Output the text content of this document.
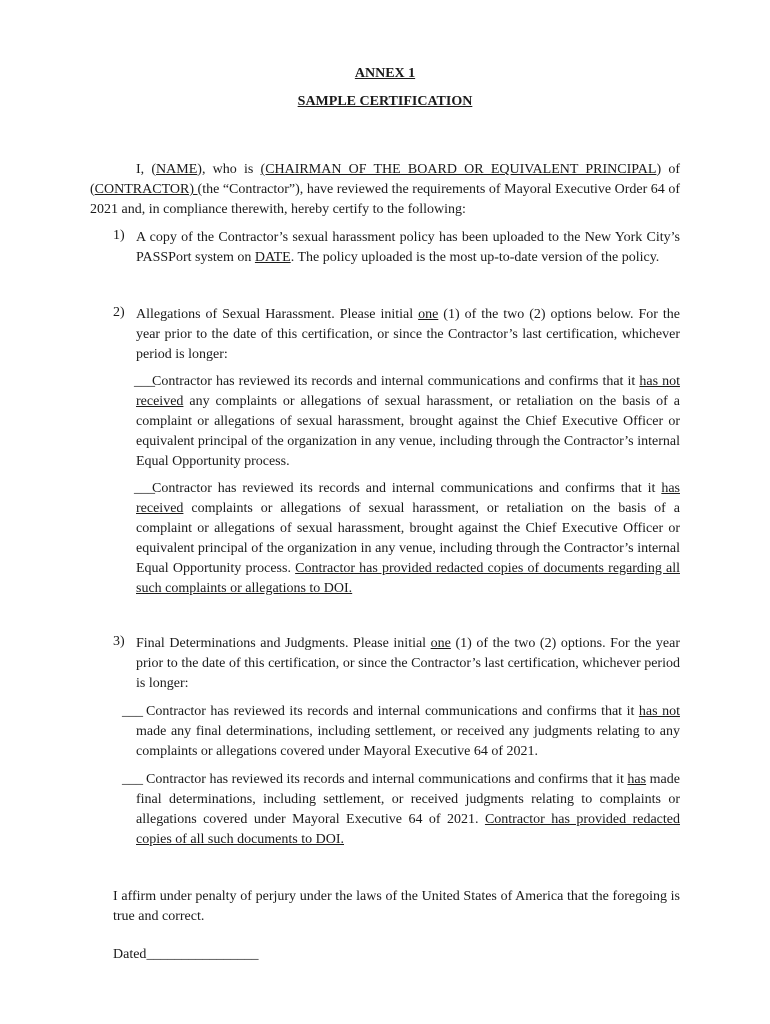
ANNEX 1
SAMPLE CERTIFICATION

I, (NAME), who is (CHAIRMAN OF THE BOARD OR EQUIVALENT PRINCIPAL) of (CONTRACTOR) (the “Contractor”), have reviewed the requirements of Mayoral Executive Order 64 of 2021 and, in compliance therewith, hereby certify to the following:

1) A copy of the Contractor’s sexual harassment policy has been uploaded to the New York City’s PASSPort system on DATE. The policy uploaded is the most up-to-date version of the policy.

2) Allegations of Sexual Harassment. Please initial one (1) of the two (2) options below. For the year prior to the date of this certification, or since the Contractor’s last certification, whichever period is longer:

___
Contractor has reviewed its records and internal communications and confirms that it has not received any complaints or allegations of sexual harassment, or retaliation on the basis of a complaint or allegations of sexual harassment, brought against the Chief Executive Officer or equivalent principal of the organization in any venue, including through the Contractor’s internal Equal Opportunity process.

___
Contractor has reviewed its records and internal communications and confirms that it has received complaints or allegations of sexual harassment, or retaliation on the basis of a complaint or allegations of sexual harassment, brought against the Chief Executive Officer or equivalent principal of the organization in any venue, including through the Contractor’s internal Equal Opportunity process. Contractor has provided redacted copies of documents regarding all such complaints or allegations to DOI.

3) Final Determinations and Judgments. Please initial one (1) of the two (2) options. For the year prior to the date of this certification, or since the Contractor’s last certification, whichever period is longer:

___ Contractor has reviewed its records and internal communications and confirms that it has not made any final determinations, including settlement, or received any judgments relating to any complaints or allegations covered under Mayoral Executive 64 of 2021.

___ Contractor has reviewed its records and internal communications and confirms that it has made final determinations, including settlement, or received judgments relating to complaints or allegations covered under Mayoral Executive 64 of 2021. Contractor has provided redacted copies of all such documents to DOI.

I affirm under penalty of perjury under the laws of the United States of America that the foregoing is true and correct.

Dated________________
